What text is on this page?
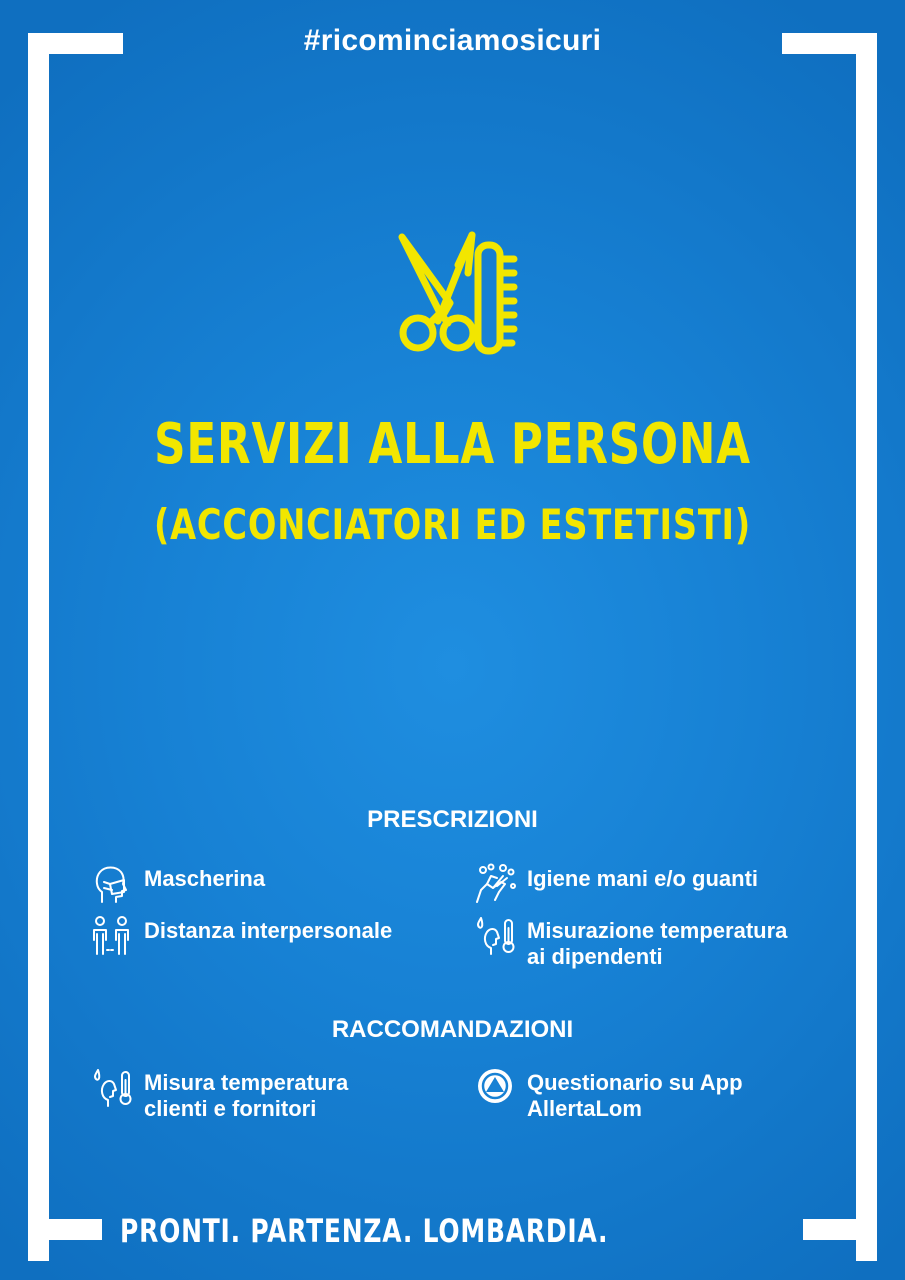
#ricominciamosicuri
SERVIZI ALLA PERSONA
(ACCONCIATORI ED ESTETISTI)
PRESCRIZIONI
Mascherina	Igiene mani e/o guanti
Distanza interpersonale	Misurazione temperatura
ai dipendenti
RACCOMANDAZIONI
Misura temperatura
clienti e fornitori
Questionario su App
AllertaLom
PRONTI. PARTENZA. LOMBARDIA.
